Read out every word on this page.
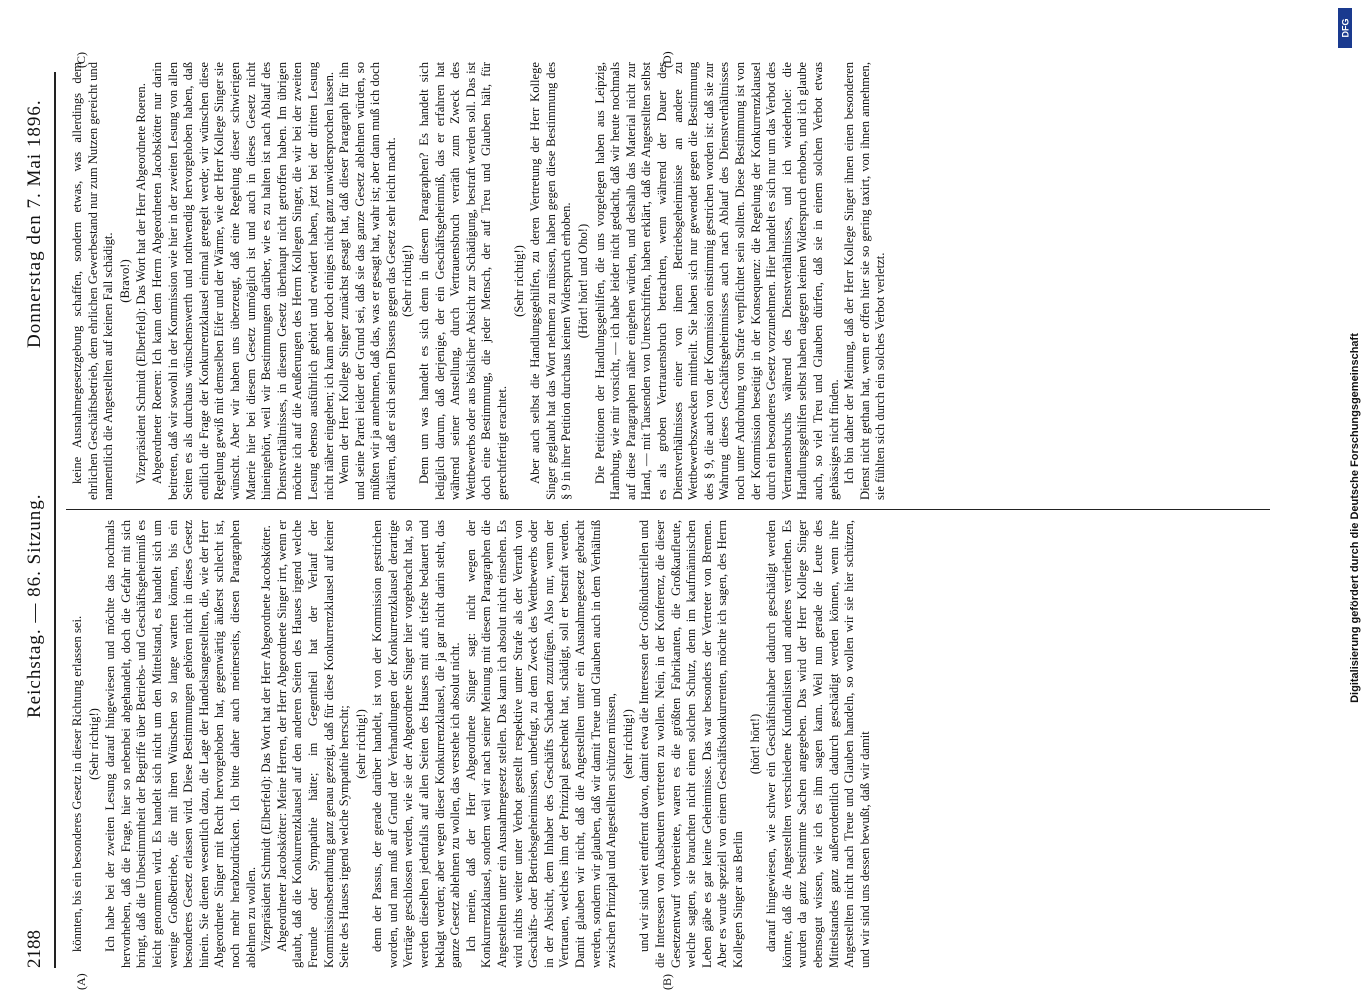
2188
Reichstag. — 86. Sitzung.
Donnerstag den 7. Mai 1896.
(A)	(B)
(C)	(D)

könnten, bis ein besonderes Gesetz in dieser Richtung erlassen sei. (Sehr richtig!) Ich habe bei der zweiten Lesung darauf hingewiesen und möchte das nochmals hervorheben, daß die Frage, hier so nebenbei abgehandelt, doch die Gefahr mit sich bringt, daß die Unbestimmtheit der Begriffe über Betriebs- und Geschäftsgeheimniß es leicht genommen wird. Es handelt sich nicht um den Mittelstand, es handelt sich um wenige Großbetriebe, die mit ihren Wünschen so lange warten können, bis ein besonderes Gesetz erlassen wird. Diese Bestimmungen gehören nicht in dieses Gesetz hinein. Sie dienen wesentlich dazu, die Lage der Handelsangestellten, die, wie der Herr Abgeordnete Singer mit Recht hervorgehoben hat, gegenwärtig äußerst schlecht ist, noch mehr herabzudrücken. Ich bitte daher auch meinerseits, diesen Paragraphen ablehnen zu wollen. Vizepräsident Schmidt (Elberfeld): Das Wort hat der Herr Abgeordnete Jacobskötter. Abgeordneter Jacobskötter: Meine Herren, der Herr Abgeordnete Singer irrt, wenn er glaubt, daß die Konkurrenzklausel auf den anderen Seiten des Hauses irgend welche Freunde oder Sympathie hätte; im Gegentheil hat der Verlauf der Kommissionsberathung ganz genau gezeigt, daß für diese Konkurrenzklausel auf keiner Seite des Hauses irgend welche Sympathie herrscht; (sehr richtig!) denn der Passus, der gerade darüber handelt, ist von der Kommission gestrichen worden, und man muß auf Grund der Verhandlungen der Konkurrenzklausel derartige Verträge geschlossen werden, wie sie der Abgeordnete Singer hier vorgebracht hat, so werden dieselben jedenfalls auf allen Seiten des Hauses mit aufs tiefste bedauert und beklagt werden; aber wegen dieser Konkurrenzklausel, die ja gar nicht darin steht, das ganze Gesetz ablehnen zu wollen, das verstehe ich absolut nicht. Ich meine, daß der Herr Abgeordnete Singer sagt: nicht wegen der Konkurrenzklausel, sondern weil wir nach seiner Meinung mit diesem Paragraphen die Angestellten unter ein Ausnahmegesetz stellen. Das kann ich absolut nicht einsehen. Es wird nichts weiter unter Verbot gestellt respektive unter Strafe als der Verrath von Geschäfts- oder Betriebsgeheimnissen, unbefugt, zu dem Zweck des Wettbewerbs oder in der Absicht, dem Inhaber des Geschäfts Schaden zuzufügen. Also nur, wenn der Vertrauen, welches ihm der Prinzipal geschenkt hat, schädigt, soll er bestraft werden. Damit glauben wir nicht, daß die Angestellten unter ein Ausnahmegesetz gebracht werden, sondern wir glauben, daß wir damit Treue und Glauben auch in dem Verhältniß zwischen Prinzipal und Angestellten schützen müssen, (sehr richtig!) und wir sind weit entfernt davon, damit etwa die Interessen der Großindustriellen und die Interessen von Ausbeutern vertreten zu wollen. Nein, in der Konferenz, die dieser Gesetzentwurf vorbereitete, waren es die größten Fabrikanten, die Großkaufleute, welche sagten, sie brauchten nicht einen solchen Schutz, denn im kaufmännischen Leben gäbe es gar keine Geheimnisse. Das war besonders der Vertreter von Bremen. Aber es wurde speziell von einem Geschäftskonkurrenten, möchte ich sagen, des Herrn Kollegen Singer aus Berlin

(hört! hört!) darauf hingewiesen, wie schwer ein Geschäftsinhaber dadurch geschädigt werden könnte, daß die Angestellten verschiedene Kundenlisten und anderes verriethen. Es wurden da ganz bestimmte Sachen angegeben. Das wird der Herr Kollege Singer ebensogut wissen, wie ich es ihm sagen kann. Weil nun gerade die Leute des Mittelstandes ganz außerordentlich dadurch geschädigt werden können, wenn ihre Angestellten nicht nach Treue und Glauben handeln, so wollen wir sie hier schützen, und wir sind uns dessen bewußt, daß wir damit

keine Ausnahmegesetzgebung schaffen, sondern etwas, was allerdings dem ehrlichen Geschäftsbetrieb, dem ehrlichen Gewerbestand nur zum Nutzen gereicht und namentlich die Angestellten auf keinen Fall schädigt. (Bravo!) Vizepräsident Schmidt (Elberfeld): Das Wort hat der Herr Abgeordnete Roeren. Abgeordneter Roeren: Ich kann dem Herrn Abgeordneten Jacobskötter nur darin beitreten, daß wir sowohl in der Kommission wie hier in der zweiten Lesung von allen Seiten es als durchaus wünschenswerth und nothwendig hervorgehoben haben, daß endlich die Frage der Konkurrenzklausel einmal geregelt werde; wir wünschen diese Regelung gewiß mit demselben Eifer und der Wärme, wie der Herr Kollege Singer sie wünscht. Aber wir haben uns überzeugt, daß eine Regelung dieser schwierigen Materie hier bei diesem Gesetz unmöglich ist und auch in dieses Gesetz nicht hineingehört, weil wir Bestimmungen darüber, wie es zu halten ist nach Ablauf des Dienstverhältnisses, in diesem Gesetz überhaupt nicht getroffen haben. Im übrigen möchte ich auf die Aeußerungen des Herrn Kollegen Singer, die wir bei der zweiten Lesung ebenso ausführlich gehört und erwidert haben, jetzt bei der dritten Lesung nicht näher eingehen; ich kann aber doch einiges nicht ganz unwidersprochen lassen. Wenn der Herr Kollege Singer zunächst gesagt hat, daß dieser Paragraph für ihn und seine Partei leider der Grund sei, daß sie das ganze Gesetz ablehnen würden, so müßten wir ja annehmen, daß das, was er gesagt hat, wahr ist; aber dann muß ich doch erklären, daß er sich seinen Dissens gegen das Gesetz sehr leicht macht. (Sehr richtig!) Denn um was handelt es sich denn in diesem Paragraphen? Es handelt sich lediglich darum, daß derjenige, der ein Geschäftsgeheimniß, das er erfahren hat während seiner Anstellung, durch Vertrauensbruch verräth zum Zweck des Wettbewerbs oder aus böslicher Absicht zur Schädigung, bestraft werden soll. Das ist doch eine Bestimmung, die jeder Mensch, der auf Treu und Glauben hält, für gerechtfertigt erachtet.

(Sehr richtig!) Aber auch selbst die Handlungsgehilfen, zu deren Vertretung der Herr Kollege Singer geglaubt hat das Wort nehmen zu müssen, haben gegen diese Bestimmung des § 9 in ihrer Petition durchaus keinen Widerspruch erhoben. (Hört! hört! und Oho!) Die Petitionen der Handlungsgehilfen, die uns vorgelegen haben aus Leipzig, Hamburg, wie mir vorsicht, — ich habe leider nicht gedacht, daß wir heute nochmals auf diese Paragraphen näher eingehen würden, und deshalb das Material nicht zur Hand, — mit Tausenden von Unterschriften, haben erklärt, daß die Angestellten selbst es als groben Vertrauensbruch betrachten, wenn während der Dauer des Dienstverhältnisses einer von ihnen Betriebsgeheimnisse an andere zu Wettbewerbszwecken mittheilt. Sie haben sich nur gewendet gegen die Bestimmung des § 9, die auch von der Kommission einstimmig gestrichen worden ist: daß sie zur Wahrung dieses Geschäftsgeheimnisses auch nach Ablauf des Dienstverhältnisses noch unter Androhung von Strafe verpflichtet sein sollten. Diese Bestimmung ist von der Kommission beseitigt in der Konsequenz: die Regelung der Konkurrenzklausel durch ein besonderes Gesetz vorzunehmen. Hier handelt es sich nur um das Verbot des Vertrauensbruchs während des Dienstverhältnisses, und ich wiederhole: die Handlungsgehilfen selbst haben dagegen keinen Widerspruch erhoben, und ich glaube auch, so viel Treu und Glauben dürfen, daß sie in einem solchen Verbot etwas gehässiges nicht finden. Ich bin daher der Meinung, daß der Herr Kollege Singer ihnen einen besonderen Dienst nicht gethan hat, wenn er offen hier sie so gering taxirt, von ihnen annehmen, sie fühlten sich durch ein solches Verbot verletzt.

DFG
Digitalisierung gefördert durch die Deutsche Forschungsgemeinschaft
